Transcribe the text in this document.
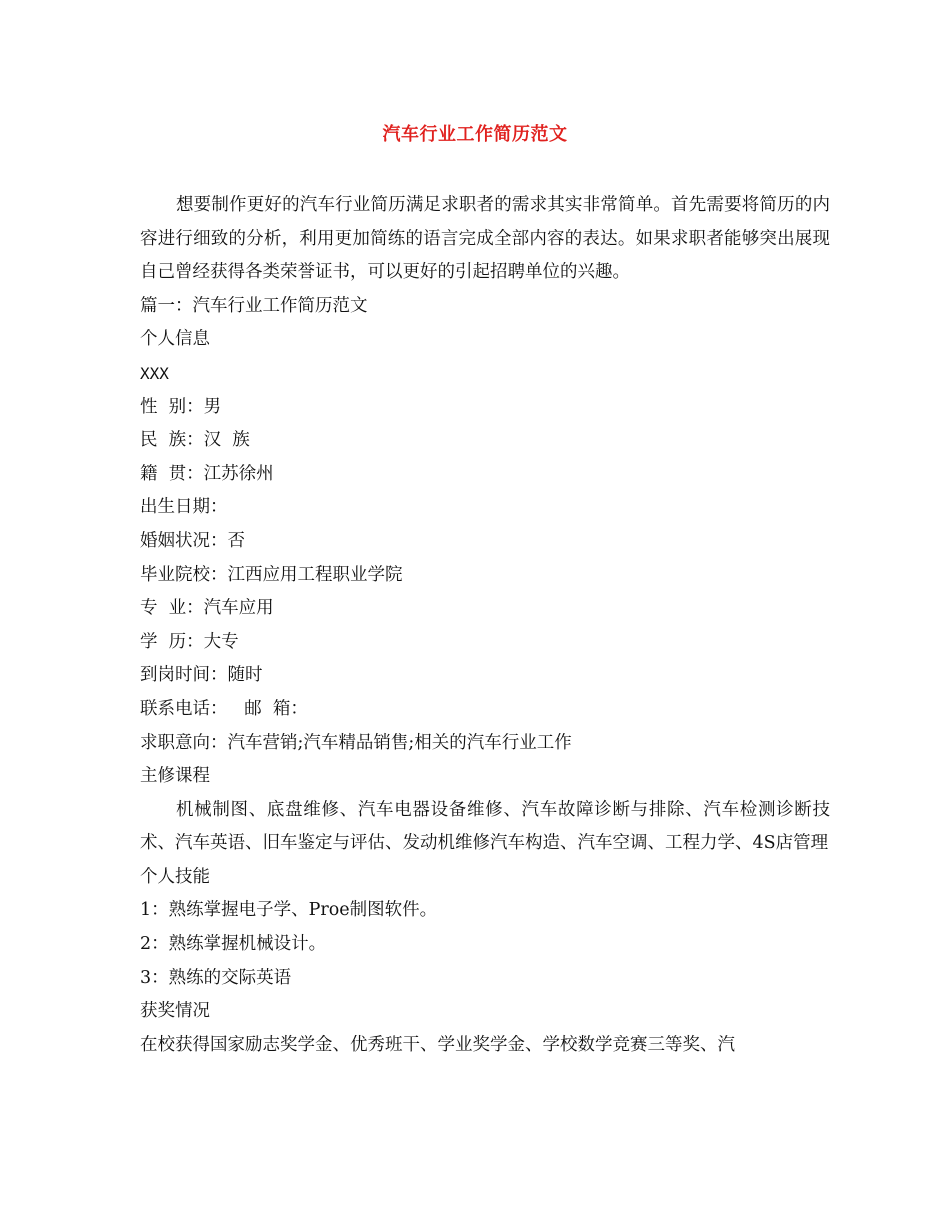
汽车行业工作简历范文

想要制作更好的汽车行业简历满足求职者的需求其实非常简单。首先需要将简历的内容进行细致的分析，利用更加简练的语言完成全部内容的表达。如果求职者能够突出展现自己曾经获得各类荣誉证书，可以更好的引起招聘单位的兴趣。

篇一：汽车行业工作简历范文

个人信息

XXX

性  别：男

民  族：汉  族

籍  贯：江苏徐州

出生日期：

婚姻状况：否

毕业院校：江西应用工程职业学院

专  业：汽车应用

学  历：大专

到岗时间：随时

联系电话：   邮  箱：

求职意向：汽车营销;汽车精品销售;相关的汽车行业工作

主修课程

机械制图、底盘维修、汽车电器设备维修、汽车故障诊断与排除、汽车检测诊断技术、汽车英语、旧车鉴定与评估、发动机维修汽车构造、汽车空调、工程力学、4S店管理

个人技能

1：熟练掌握电子学、Proe制图软件。

2：熟练掌握机械设计。

3：熟练的交际英语

获奖情况

在校获得国家励志奖学金、优秀班干、学业奖学金、学校数学竞赛三等奖、汽
